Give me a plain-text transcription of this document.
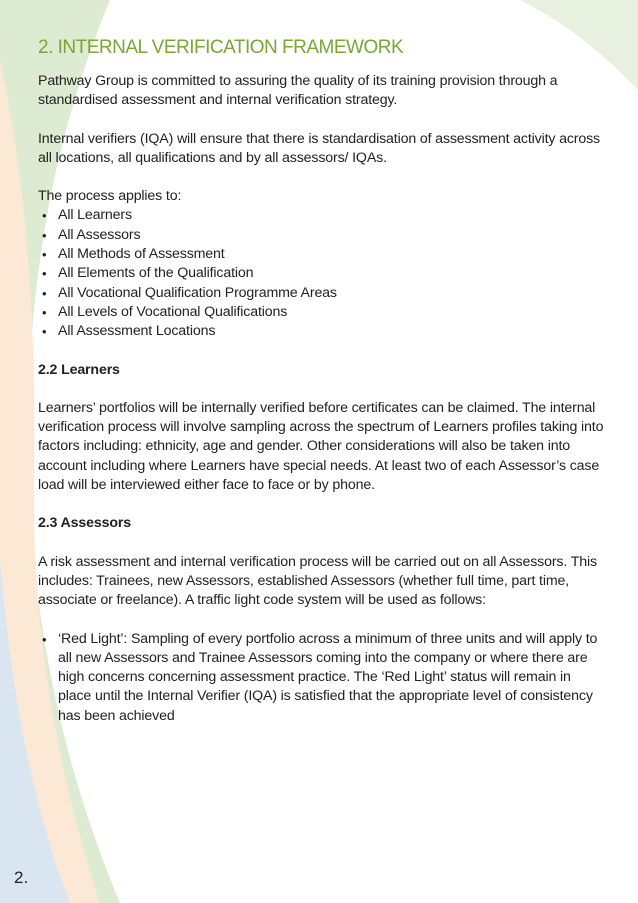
2. INTERNAL VERIFICATION FRAMEWORK

Pathway Group is committed to assuring the quality of its training provision through a standardised assessment and internal verification strategy.

Internal verifiers (IQA) will ensure that there is standardisation of assessment activity across all locations, all qualifications and by all assessors/ IQAs.

The process applies to:

• All Learners
• All Assessors
• All Methods of Assessment
• All Elements of the Qualification
• All Vocational Qualification Programme Areas
• All Levels of Vocational Qualifications
• All Assessment Locations
2.2 Learners

Learners’ portfolios will be internally verified before certificates can be claimed. The internal verification process will involve sampling across the spectrum of Learners profiles taking into factors including: ethnicity, age and gender. Other considerations will also be taken into account including where Learners have special needs. At least two of each Assessor’s case load will be interviewed either face to face or by phone.

2.3 Assessors

A risk assessment and internal verification process will be carried out on all Assessors. This includes: Trainees, new Assessors, established Assessors (whether full time, part time, associate or freelance). A traffic light code system will be used as follows:

• ‘Red Light’: Sampling of every portfolio across a minimum of three units and will apply to all new Assessors and Trainee Assessors coming into the company or where there are high concerns concerning assessment practice. The ‘Red Light’ status will remain in place until the Internal Verifier (IQA) is satisfied that the appropriate level of consistency has been achieved
2.
